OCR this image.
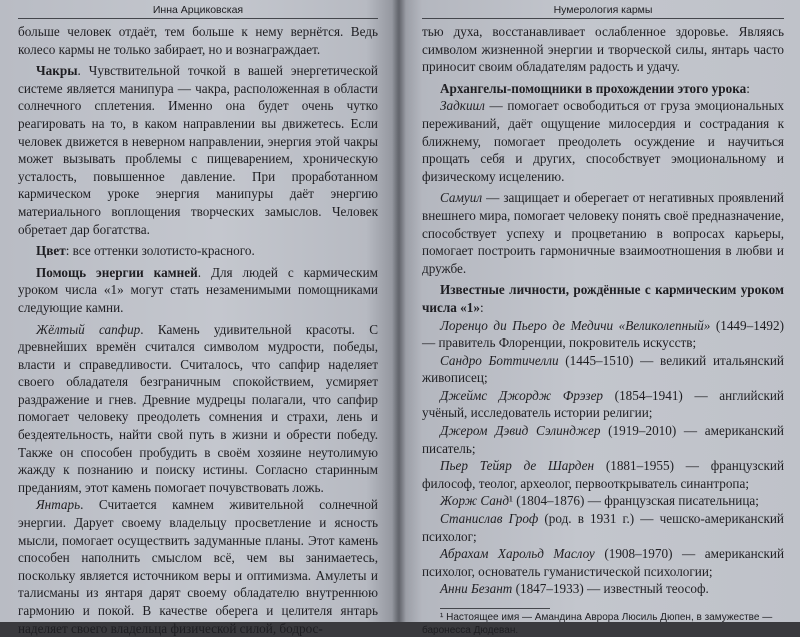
Инна Арциковская

больше человек отдаёт, тем больше к нему вернётся. Ведь колесо кармы не только забирает, но и вознаграждает.

Чакры. Чувствительной точкой в вашей энергетической системе является манипура — чакра, расположенная в области солнечного сплетения. Именно она будет очень чутко реагировать на то, в каком направлении вы движетесь. Если человек движется в неверном направлении, энергия этой чакры может вызывать проблемы с пищеварением, хроническую усталость, повышенное давление. При проработанном кармическом уроке энергия манипуры даёт энергию материального воплощения творческих замыслов. Человек обретает дар богатства.

Цвет: все оттенки золотисто-красного.

Помощь энергии камней. Для людей с кармическим уроком числа «1» могут стать незаменимыми помощниками следующие камни.

Жёлтый сапфир. Камень удивительной красоты. С древнейших времён считался символом мудрости, победы, власти и справедливости. Считалось, что сапфир наделяет своего обладателя безграничным спокойствием, усмиряет раздражение и гнев. Древние мудрецы полагали, что сапфир помогает человеку преодолеть сомнения и страхи, лень и бездеятельность, найти свой путь в жизни и обрести победу. Также он способен пробудить в своём хозяине неутолимую жажду к познанию и поиску истины. Согласно старинным преданиям, этот камень помогает почувствовать ложь.

Янтарь. Считается камнем живительной солнечной энергии. Дарует своему владельцу просветление и ясность мысли, помогает осуществить задуманные планы. Этот камень способен наполнить смыслом всё, чем вы занимаетесь, поскольку является источником веры и оптимизма. Амулеты и талисманы из янтаря дарят своему обладателю внутреннюю гармонию и покой. В качестве оберега и целителя янтарь наделяет своего владельца физической силой, бодрос-

Нумерология кармы

тью духа, восстанавливает ослабленное здоровье. Являясь символом жизненной энергии и творческой силы, янтарь часто приносит своим обладателям радость и удачу.

Архангелы-помощники в прохождении этого урока:

Задкиил — помогает освободиться от груза эмоциональных переживаний, даёт ощущение милосердия и сострадания к ближнему, помогает преодолеть осуждение и научиться прощать себя и других, способствует эмоциональному и физическому исцелению.

Самуил — защищает и оберегает от негативных проявлений внешнего мира, помогает человеку понять своё предназначение, способствует успеху и процветанию в вопросах карьеры, помогает построить гармоничные взаимоотношения в любви и дружбе.

Известные личности, рождённые с кармическим уроком числа «1»:

Лоренцо ди Пьеро де Медичи «Великолепный» (1449–1492) — правитель Флоренции, покровитель искусств;

Сандро Боттичелли (1445–1510) — великий итальянский живописец;

Джеймс Джордж Фрэзер (1854–1941) — английский учёный, исследователь истории религии;

Джером Дэвид Сэлинджер (1919–2010) — американский писатель;

Пьер Тейяр де Шарден (1881–1955) — французский философ, теолог, археолог, первооткрыватель синантропа;

Жорж Санд¹ (1804–1876) — французская писательница;

Станислав Гроф (род. в 1931 г.) — чешско-американский психолог;

Абрахам Харольд Маслоу (1908–1970) — американский психолог, основатель гуманистической психологии;

Анни Безант (1847–1933) — известный теософ.

¹ Настоящее имя — Амандина Аврора Люсиль Дюпен, в замужестве — баронесса Дюдеван.
